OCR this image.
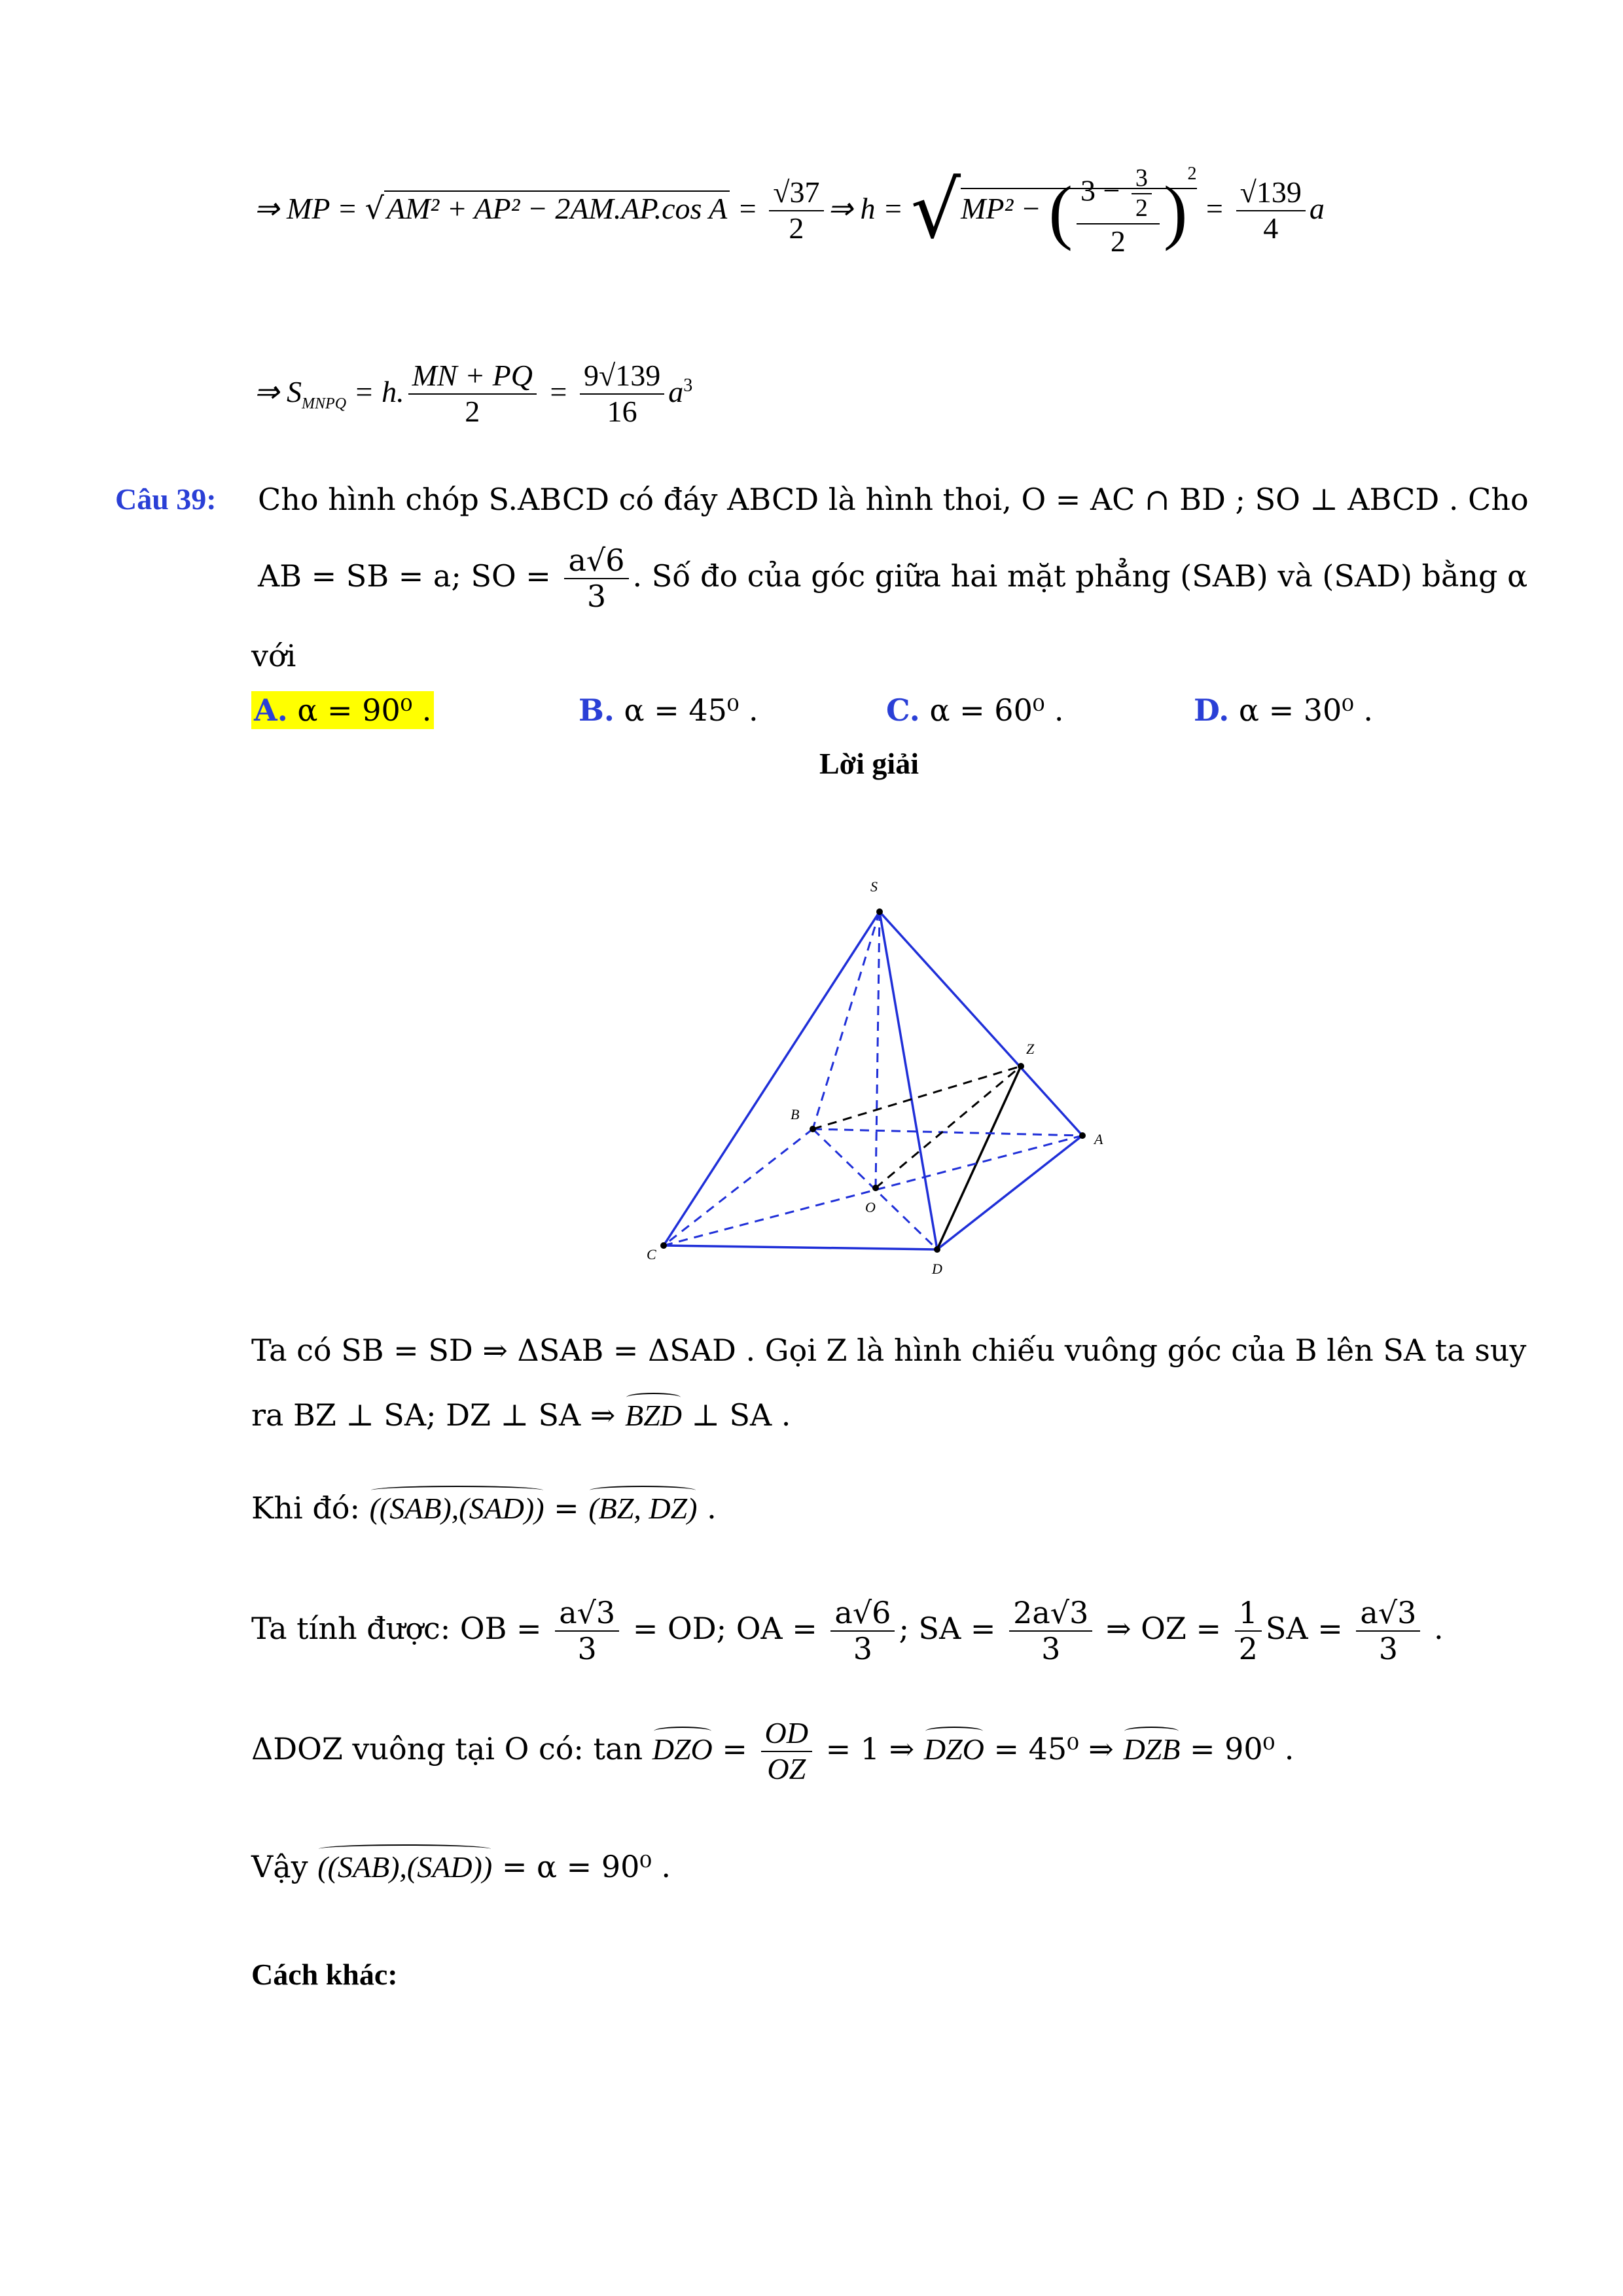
⇒ MP = √AM² + AP² − 2AM.AP.cos $A = \frac{√37}{2}$ ⇒ h = √MP² − ( $\frac{3 - \frac{3}{2}}{2} )^2 = \frac{√139}{4}$ a
⇒ $S_{MNPQ} = h$. $\frac{MN + PQ}{2} = \frac{9√139}{16} a^3$
Câu 39: Cho hình chóp S.ABCD có đáy ABCD là hình thoi, O = AC ∩ BD ; SO ⊥ ABCD . Cho
AB = SB = a; SO = $\frac{a√6}{3}$ . Số đo của góc giữa hai mặt phẳng (SAB) và (SAD) bằng α
với
A. α = 90⁰ .	B. α = 45⁰ .	C. α = 60⁰ .	D. α = 30⁰ .
Lời giải
S
Z
B
A
O
C
D
Ta có SB = SD ⇒ ΔSAB = ΔSAD . Gọi Z là hình chiếu vuông góc của B lên SA ta suy
ra BZ ⊥ SA; DZ ⊥ SA ⇒ BZD ⊥ SA .
Khi đó: ((SAB),(SAD)) = (BZ, DZ) .
Ta tính được: OB = $\frac{a√3}{3}$ = OD; OA = $\frac{a√6}{3}$ ; SA = $\frac{2a√3}{3}$ ⇒ OZ = $\frac{1}{2}$ SA = $\frac{a√3}{3}$ .
ΔDOZ vuông tại O có: tan DZO = $\frac{OD}{OZ} = 1$ ⇒ DZO = 45⁰ ⇒ DZB = 90⁰ .
Vậy ((SAB),(SAD)) = α = 90⁰ .
Cách khác:
